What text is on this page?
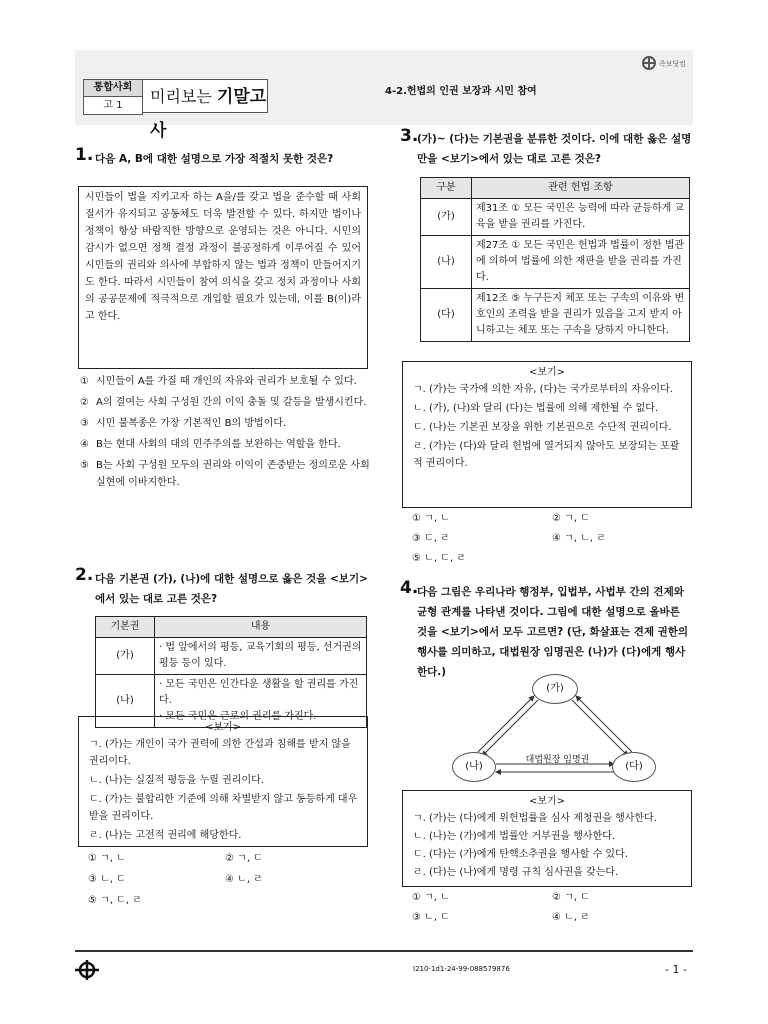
족보닷컴
통합사회
고 1	미리보는 기말고사
4-2.헌법의 인권 보장과 시민 참여
1. 다음 A, B에 대한 설명으로 가장 적절치 못한 것은?
시민들이 법을 지키고자 하는 A을/를 갖고 법을 준수할 때 사회 질서가 유지되고 공동체도 더욱 발전할 수 있다. 하지만 법이나 정책이 항상 바람직한 방향으로 운영되는 것은 아니다. 시민의 감시가 없으면 정책 결정 과정이 불공정하게 이루어질 수 있어 시민들의 권리와 의사에 부합하지 않는 법과 정책이 만들어지기도 한다. 따라서 시민들이 참여 의식을 갖고 정치 과정이나 사회의 공공문제에 적극적으로 개입할 필요가 있는데, 이를 B(이)라고 한다.
① 시민들이 A를 가질 때 개인의 자유와 권리가 보호될 수 있다.
② A의 결여는 사회 구성원 간의 이익 충돌 및 갈등을 발생시킨다.
③ 시민 불복종은 가장 기본적인 B의 방법이다.
④ B는 현대 사회의 대의 민주주의를 보완하는 역할을 한다.
⑤ B는 사회 구성원 모두의 권리와 이익이 존중받는 정의로운 사회 실현에 이바지한다.
2. 다음 기본권 (가), (나)에 대한 설명으로 옳은 것을 <보기>에서 있는 대로 고른 것은?
기본권	내용
(가)	· 법 앞에서의 평등, 교육기회의 평등, 선거권의 평등 등이 있다.
(나)	· 모든 국민은 인간다운 생활을 할 권리를 가진다.
· 모든 국민은 근로의 권리를 가진다.
<보기>
ㄱ. (가)는 개인이 국가 권력에 의한 간섭과 침해를 받지 않을 권리이다.
ㄴ. (나)는 실질적 평등을 누릴 권리이다.
ㄷ. (가)는 불합리한 기준에 의해 차별받지 않고 동등하게 대우받을 권리이다.
ㄹ. (나)는 고전적 권리에 해당한다.
① ㄱ, ㄴ	② ㄱ, ㄷ
③ ㄴ, ㄷ	④ ㄴ, ㄹ
⑤ ㄱ, ㄷ, ㄹ
3.
(가)~ (다)는 기본권을 분류한 것이다. 이에 대한 옳은 설명만을 <보기>에서 있는 대로 고른 것은?
구분	관련 헌법 조항
(가)	제31조 ① 모든 국민은 능력에 따라 균등하게 교육을 받을 권리를 가진다.
(나)	제27조 ① 모든 국민은 헌법과 법률이 정한 법관에 의하여 법률에 의한 재판을 받을 권리를 가진다.
(다)	제12조 ⑤ 누구든지 체포 또는 구속의 이유와 변호인의 조력을 받을 권리가 있음을 고지 받지 아니하고는 체포 또는 구속을 당하지 아니한다.
<보기>
ㄱ. (가)는 국가에 의한 자유, (다)는 국가로부터의 자유이다.
ㄴ. (가), (나)와 달리 (다)는 법률에 의해 제한될 수 없다.
ㄷ. (나)는 기본권 보장을 위한 기본권으로 수단적 권리이다.
ㄹ. (가)는 (다)와 달리 헌법에 열거되지 않아도 보장되는 포괄적 권리이다.
① ㄱ, ㄴ	② ㄱ, ㄷ
③ ㄷ, ㄹ	④ ㄱ, ㄴ, ㄹ
⑤ ㄴ, ㄷ, ㄹ
4.
다음 그림은 우리나라 행정부, 입법부, 사법부 간의 견제와 균형 관계를 나타낸 것이다. 그림에 대한 설명으로 올바른 것을 <보기>에서 모두 고르면? (단, 화살표는 견제 권한의 행사를 의미하고, 대법원장 임명권은 (나)가 (다)에게 행사한다.)
(가)
(나)	(다)
대법원장 임명권
<보기>
ㄱ. (가)는 (다)에게 위헌법률을 심사 제청권을 행사한다.
ㄴ. (나)는 (가)에게 법률안 거부권을 행사한다.
ㄷ. (다)는 (가)에게 탄핵소추권을 행사할 수 있다.
ㄹ. (다)는 (나)에게 명령 규칙 심사권을 갖는다.
① ㄱ, ㄴ	② ㄱ, ㄷ
③ ㄴ, ㄷ	④ ㄴ, ㄹ
I210-1d1-24-99-088579876	- 1 -
